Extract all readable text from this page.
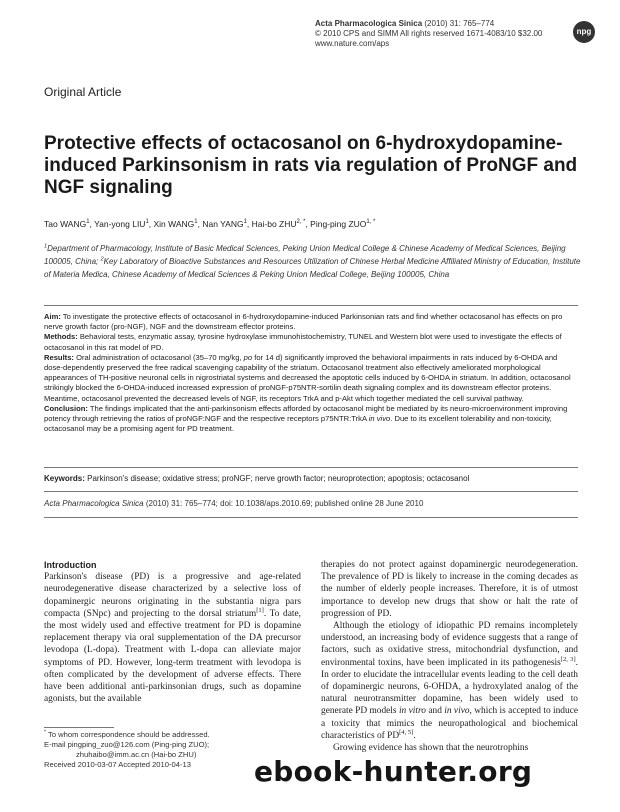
Acta Pharmacologica Sinica (2010) 31: 765–774
© 2010 CPS and SIMM All rights reserved 1671-4083/10 $32.00
www.nature.com/aps
npg
Original Article
Protective effects of octacosanol on 6-hydroxydopamine-induced Parkinsonism in rats via regulation of ProNGF and NGF signaling
Tao WANG$^1$, Yan-yong LIU$^1$, Xin WANG$^1$, Nan YANG$^1$, Hai-bo $ZHU^{2, *}$, Ping-ping $ZUO^{1, *}$
$^1$Department of Pharmacology, Institute of Basic Medical Sciences, Peking Union Medical College & Chinese Academy of Medical Sciences, Beijing 100005, China; $^2$Key Laboratory of Bioactive Substances and Resources Utilization of Chinese Herbal Medicine Affiliated Ministry of Education, Institute of Materia Medica, Chinese Academy of Medical Sciences & Peking Union Medical College, Beijing 100005, China

Aim: To investigate the protective effects of octacosanol in 6-hydroxydopamine-induced Parkinsonian rats and find whether octacosanol has effects on pro nerve growth factor (pro-NGF), NGF and the downstream effector proteins.

Methods: Behavioral tests, enzymatic assay, tyrosine hydroxylase immunohistochemistry, TUNEL and Western blot were used to investigate the effects of octacosanol in this rat model of PD.

Results: Oral administration of octacosanol (35–70 mg/kg, po for 14 d) significantly improved the behavioral impairments in rats induced by 6-OHDA and dose-dependently preserved the free radical scavenging capability of the striatum. Octacosanol treatment also effectively ameliorated morphological appearances of TH-positive neuronal cells in nigrostriatal systems and decreased the apoptotic cells induced by 6-OHDA in striatum. In addition, octacosanol strikingly blocked the 6-OHDA-induced increased expression of proNGF-p75NTR-sortilin death signaling complex and its downstream effector proteins. Meantime, octacosanol prevented the decreased levels of NGF, its receptors TrkA and p-Akt which together mediated the cell survival pathway.

Conclusion: The findings implicated that the anti-parkinsonism effects afforded by octacosanol might be mediated by its neuro-microenvironment improving potency through retrieving the ratios of proNGF:NGF and the respective receptors p75NTR:TrkA in vivo. Due to its excellent tolerability and non-toxicity, octacosanol may be a promising agent for PD treatment.

Keywords: Parkinson's disease; oxidative stress; proNGF; nerve growth factor; neuroprotection; apoptosis; octacosanol
Acta Pharmacologica Sinica (2010) 31: 765–774; doi: 10.1038/aps.2010.69; published online 28 June 2010

Introduction

Parkinson's disease (PD) is a progressive and age-related neurodegenerative disease characterized by a selective loss of dopaminergic neurons originating in the substantia nigra pars compacta (SNpc) and projecting to the dorsal striatum[1]. To date, the most widely used and effective treatment for PD is dopamine replacement therapy via oral supplementation of the DA precursor levodopa (L-dopa). Treatment with L-dopa can alleviate major symptoms of PD. However, long-term treatment with levodopa is often complicated by the development of adverse effects. There have been additional anti-parkinsonian drugs, such as dopamine agonists, but the available

therapies do not protect against dopaminergic neurodegeneration. The prevalence of PD is likely to increase in the coming decades as the number of elderly people increases. Therefore, it is of utmost importance to develop new drugs that show or halt the rate of progression of PD.

Although the etiology of idiopathic PD remains incompletely understood, an increasing body of evidence suggests that a range of factors, such as oxidative stress, mitochondrial dysfunction, and environmental toxins, have been implicated in its pathogenesis[2, 3]. In order to elucidate the intracellular events leading to the cell death of dopaminergic neurons, 6-OHDA, a hydroxylated analog of the natural neurotransmitter dopamine, has been widely used to generate PD models in vitro and in vivo, which is accepted to induce a toxicity that mimics the neuropathological and biochemical characteristics of PD[4, 5].

Growing evidence has shown that the neurotrophins

* To whom correspondence should be addressed.
E-mail pingping_zuo@126.com (Ping-ping ZUO);
zhuhaibo@imm.ac.cn (Hai-bo ZHU)
Received 2010-03-07 Accepted 2010-04-13	ebook-hunter.org
